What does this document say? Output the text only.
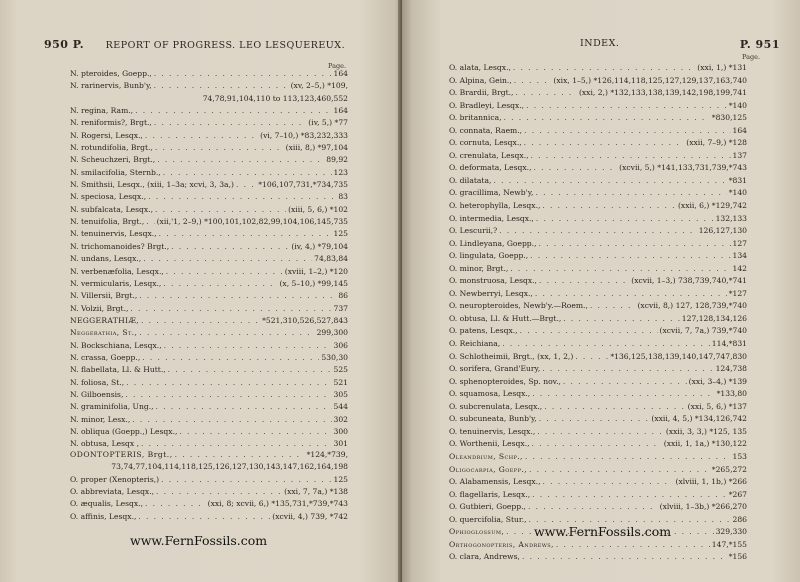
950 P. REPORT OF PROGRESS. LEO LESQUEREUX.
Page.
N. pteroides, Goepp., . . .	164
N. rarinervis, Bunb'y, . . .	(xv, 2–5,) *109,
74,78,91,104,110 to 113,123,460,552
N. regina, Ram., . . .	164
N. reniformis?, Brgt., . . .	(iv, 5,) *77
N. Rogersi, Lesqx., . . .	(vi, 7–10,) *83,232,333
N. rotundifolia, Brgt., . . .	(xiii, 8,) *97,104
N. Scheuchzeri, Brgt., . . .	89,92
N. smilacifolia, Sternb., . . .	123
N. Smithsii, Lesqx., (xiii, 1–3a; xcvi, 3, 3a,) . . .	*106,107,731,*734,735
N. speciosa, Lesqx., . . .	83
N. subfalcata, Lesqx., . . .	(xiii, 5, 6,) *102
N. tenuifolia, Brgt., . . . (xii,'1, 2–9,) *100,101,102,82,99,104,106,145,735
N. tenuinervis, Lesqx., . . .	125
N. trichomanoides? Brgt., . . .	(iv, 4,) *79,104
N. undans, Lesqx., . . .	74,83,84
N. verbenæfolia, Lesqx., . . .	(xviii, 1–2,) *120
N. vermicularis, Lesqx., . . .	(x, 5–10,) *99,145
N. Villersii, Brgt., . . .	86
N. Volzii, Brgt., . . .	737
NEGGERATHIÆ, . . .	*521,310,526,527,843
Neggerathia, St., . . .	299,300
N. Bockschiana, Lesqx., . . .	306
N. crassa, Goepp., . . .	530,30
N. flabellata, Ll. & Hutt., . . .	525
N. foliosa, St., . . .	521
N. Gilboensis, . . .	305
N. graminifolia, Ung., . . .	544
N. minor, Lesx., . . .	302
N. obliqua (Goepp.,) Lesqx., . . .	300
N. obtusa, Lesqx , . . .	301
ODONTOPTERIS, Brgt., . . .	*124,*739,
73,74,77,104,114,118,125,126,127,130,143,147,162,164,198
O. proper (Xenopteris,) . . .	125
O. abbreviata, Lesqx., . . .	(xxi, 7, 7a,) *138
O. æqualis, Lesqx., . . .	(xxi, 8; xcvii, 6,) *135,731,*739,*743
O. affinis, Lesqx., . . .	(xcvii, 4,) 739, *742
www.FernFossils.com
INDEX.	P. 951
Page.
O. alata, Lesqx., . . .	(xxi, 1,) *131
O. Alpina, Gein., . . .	(xix, 1–5,) *126,114,118,125,127,129,137,163,740
O. Brardii, Brgt., . . .	(xxi, 2,) *132,133,138,139,142,198,199,741
O. Bradleyi, Lesqx., . . .	*140
O. britannica, . . .	*830,125
O. connata, Raem., . . .	164
O. cornuta, Lesqx., . . .	(xxii, 7–9,) *128
O. crenulata, Lesqx., . . .	137
O. deformata, Lesqx., . . .	(xcvii, 5,) *141,133,731,739,*743
O. dilatata, . . .	*831
O. gracillima, Newb'y, . . .	*140
O. heterophylla, Lesqx., . . .	(xxii, 6,) *129,742
O. intermedia, Lesqx., . . .	132,133
O. Lescurii,? . . .	126,127,130
O. Lindleyana, Goepp., . . .	127
O. lingulata, Goepp., . . .	134
O. minor, Brgt., . . .	142
O. monstruosa, Lesqx., . . .	(xcvii, 1–3,) 738,739,740,*741
O. Newberryi, Lesqx., . . .	*127
O. neuropteroides, Newb'y.—Roem., . . .	(xcvii, 8,) 127, 128,739,*740
O. obtusa, Ll. & Hutt.—Brgt., . . .	127,128,134,126
O. patens, Lesqx., . . .	(xcvii, 7, 7a,) 739,*740
O. Reichiana, . . .	114,*831
O. Schlotheimii, Brgt., (xx, 1, 2,) . . .	*136,125,138,139,140,147,747,830
O. sorifera, Grand'Eury, . . .	124,738
O. sphenopteroides, Sp. nov., . . .	(xxi, 3–4,) *139
O. squamosa, Lesqx., . . .	*133,80
O. subcrenulata, Lesqx., . . .	(xxi, 5, 6,) *137
O. subcuneata, Bunb'y, . . .	(xxii, 4, 5,) *134,126,742
O. tenuinervis, Lesqx., . . .	(xxii, 3, 3,) *125, 135
O. Worthenii, Lesqx., . . .	(xxii, 1, 1a,) *130,122
Oleandrium, Schp., . . .	153
Oligocarpia, Goepp., . . .	*265,272
O. Alabamensis, Lesqx., . . .	(xlviii, 1, 1b,) *266
O. flagellaris, Lesqx., . . .	*267
O. Gutbieri, Goepp., . . .	(xlviii, 1–3b,) *266,270
O. quercifolia, Stur., . . .	286
Ophioglossum, . . .	329,330
Orthogonopteris, Andrews, . . .	147,*155
O. clara, Andrews, . . .	*156
www.FernFossils.com
